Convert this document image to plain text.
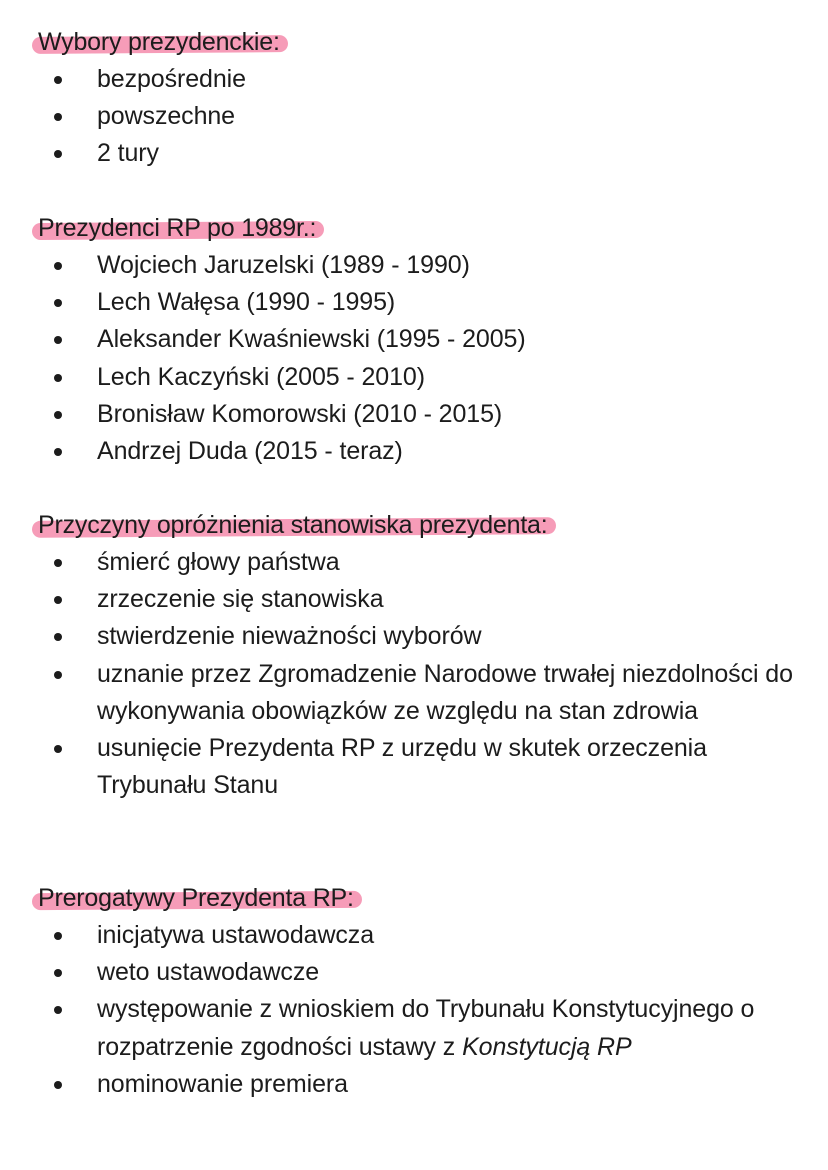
Wybory prezydenckie:
bezpośrednie
powszechne
2 tury
Prezydenci RP po 1989r.:
Wojciech Jaruzelski (1989 - 1990)
Lech Wałęsa (1990 - 1995)
Aleksander Kwaśniewski (1995 - 2005)
Lech Kaczyński (2005 - 2010)
Bronisław Komorowski (2010 - 2015)
Andrzej Duda (2015 - teraz)
Przyczyny opróżnienia stanowiska prezydenta:
śmierć głowy państwa
zrzeczenie się stanowiska
stwierdzenie nieważności wyborów
uznanie przez Zgromadzenie Narodowe trwałej niezdolności do wykonywania obowiązków ze względu na stan zdrowia
usunięcie Prezydenta RP z urzędu w skutek orzeczenia Trybunału Stanu
Prerogatywy Prezydenta RP:
inicjatywa ustawodawcza
weto ustawodawcze
występowanie z wnioskiem do Trybunału Konstytucyjnego o rozpatrzenie zgodności ustawy z Konstytucją RP
nominowanie premiera
